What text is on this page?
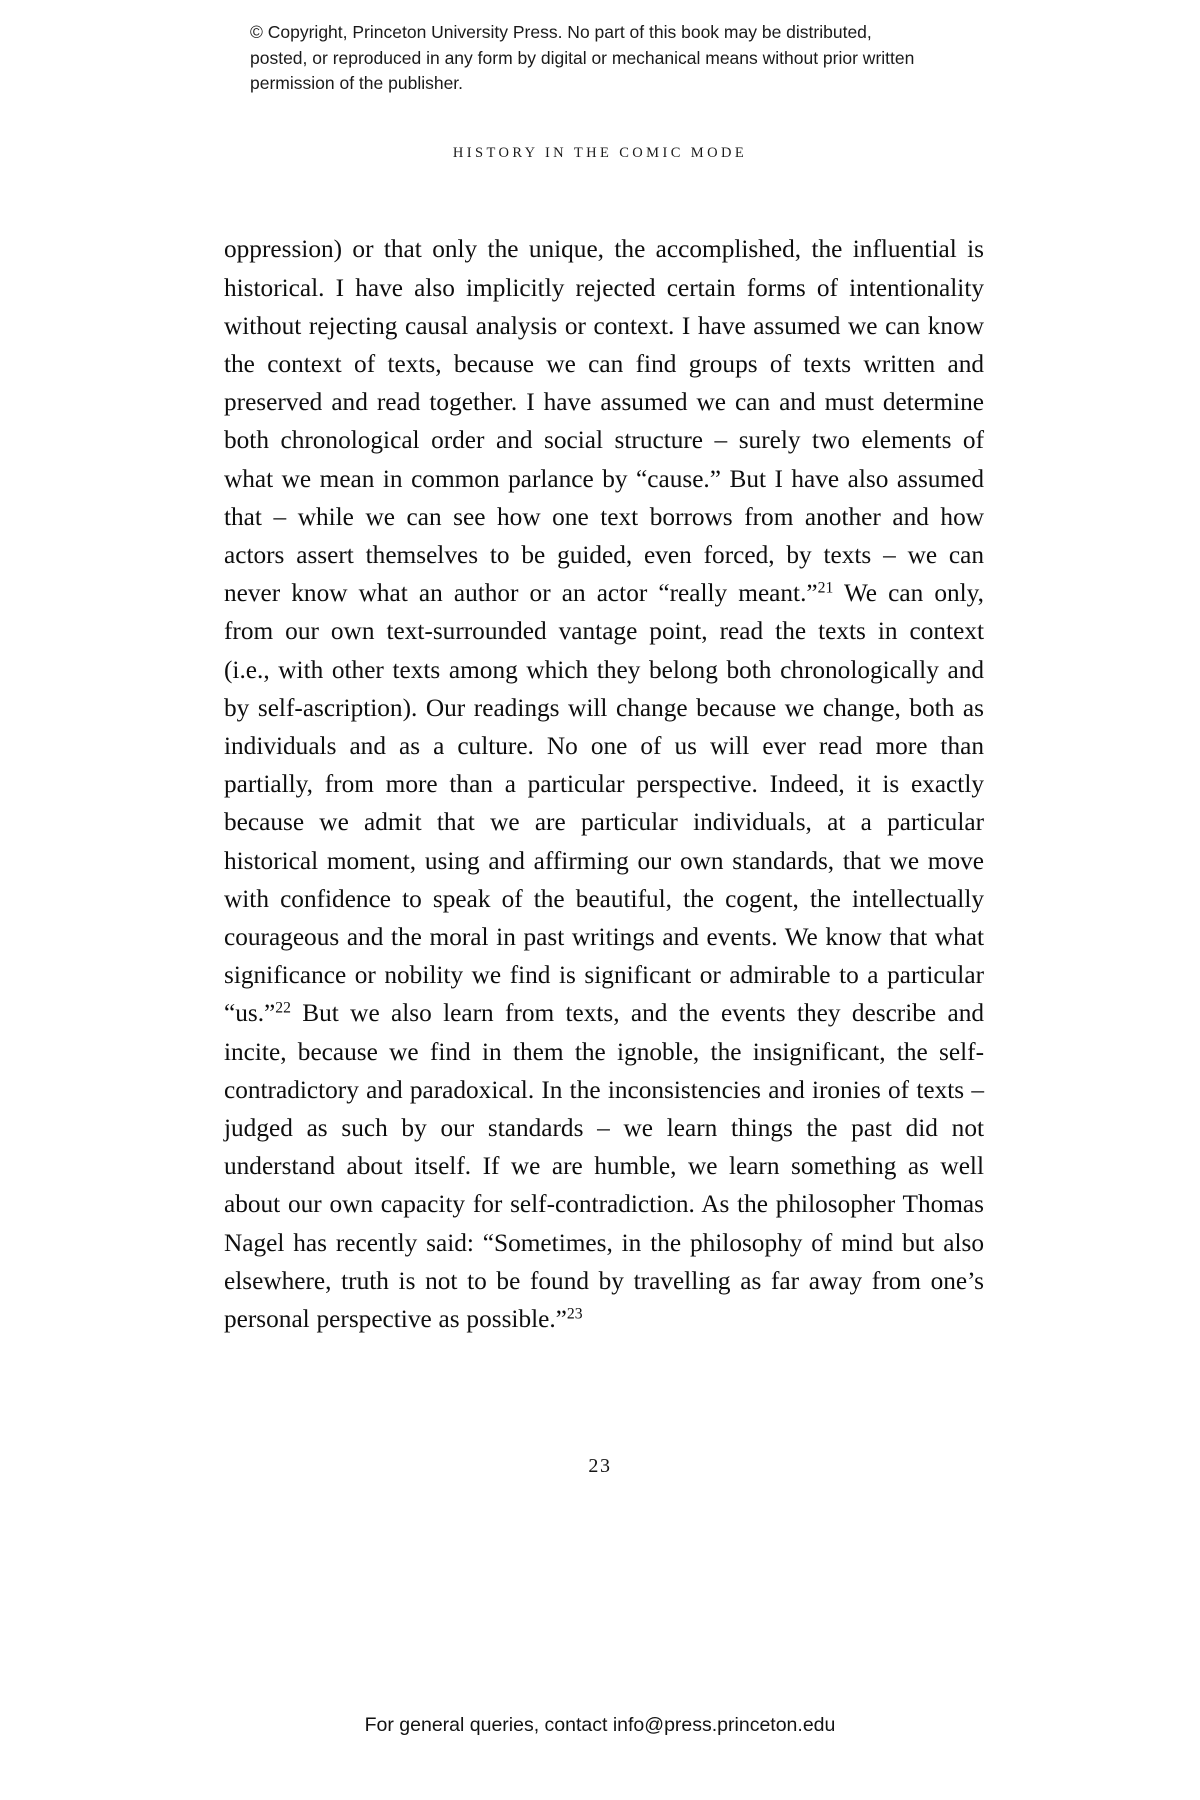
© Copyright, Princeton University Press. No part of this book may be distributed, posted, or reproduced in any form by digital or mechanical means without prior written permission of the publisher.
HISTORY IN THE COMIC MODE

oppression) or that only the unique, the accomplished, the influential is historical. I have also implicitly rejected certain forms of intentionality without rejecting causal analysis or context. I have assumed we can know the context of texts, because we can find groups of texts written and preserved and read together. I have assumed we can and must determine both chronological order and social structure – surely two elements of what we mean in common parlance by “cause.” But I have also assumed that – while we can see how one text borrows from another and how actors assert themselves to be guided, even forced, by texts – we can never know what an author or an actor “really meant.”$^{21}$ We can only, from our own text-surrounded vantage point, read the texts in context (i.e., with other texts among which they belong both chronologically and by self-ascription). Our readings will change because we change, both as individuals and as a culture. No one of us will ever read more than partially, from more than a particular perspective. Indeed, it is exactly because we admit that we are particular individuals, at a particular historical moment, using and affirming our own standards, that we move with confidence to speak of the beautiful, the cogent, the intellectually courageous and the moral in past writings and events. We know that what significance or nobility we find is significant or admirable to a particular “us.”$^{22}$ But we also learn from texts, and the events they describe and incite, because we find in them the ignoble, the insignificant, the self-contradictory and paradoxical. In the inconsistencies and ironies of texts – judged as such by our standards – we learn things the past did not understand about itself. If we are humble, we learn something as well about our own capacity for self-contradiction. As the philosopher Thomas Nagel has recently said: “Sometimes, in the philosophy of mind but also elsewhere, truth is not to be found by travelling as far away from one’s personal perspective as possible.”$^{23}$

23
For general queries, contact info@press.princeton.edu
